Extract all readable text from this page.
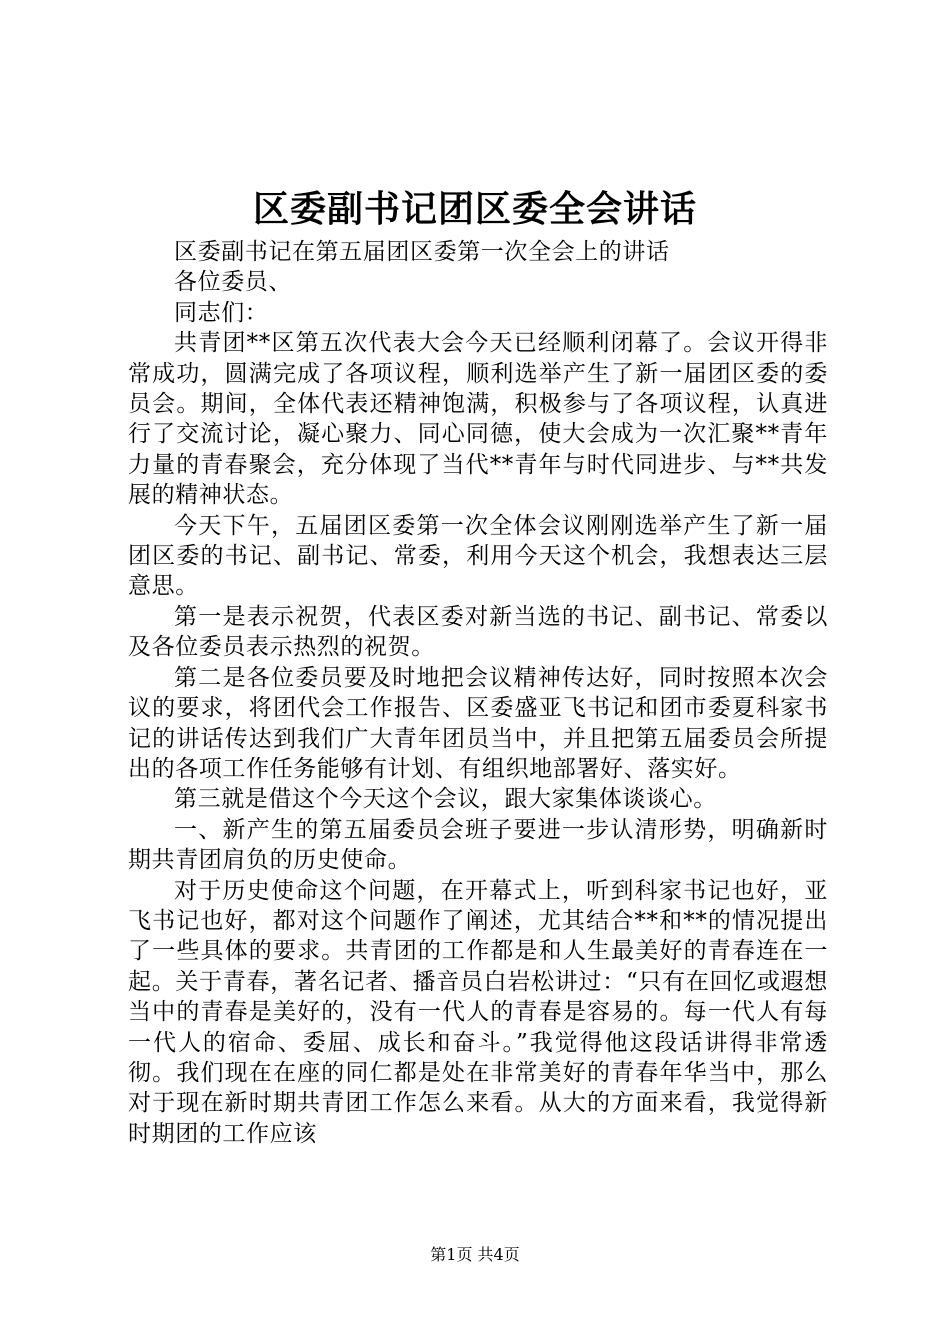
区委副书记团区委全会讲话

区委副书记在第五届团区委第一次全会上的讲话

各位委员、

同志们：

共青团**区第五次代表大会今天已经顺利闭幕了。会议开得非常成功，圆满完成了各项议程，顺利选举产生了新一届团区委的委员会。期间，全体代表还精神饱满，积极参与了各项议程，认真进行了交流讨论，凝心聚力、同心同德，使大会成为一次汇聚**青年力量的青春聚会，充分体现了当代**青年与时代同进步、与**共发展的精神状态。

今天下午，五届团区委第一次全体会议刚刚选举产生了新一届团区委的书记、副书记、常委，利用今天这个机会，我想表达三层意思。

第一是表示祝贺，代表区委对新当选的书记、副书记、常委以及各位委员表示热烈的祝贺。

第二是各位委员要及时地把会议精神传达好，同时按照本次会议的要求，将团代会工作报告、区委盛亚飞书记和团市委夏科家书记的讲话传达到我们广大青年团员当中，并且把第五届委员会所提出的各项工作任务能够有计划、有组织地部署好、落实好。

第三就是借这个今天这个会议，跟大家集体谈谈心。

一、新产生的第五届委员会班子要进一步认清形势，明确新时期共青团肩负的历史使命。

对于历史使命这个问题，在开幕式上，听到科家书记也好，亚飞书记也好，都对这个问题作了阐述，尤其结合**和**的情况提出了一些具体的要求。共青团的工作都是和人生最美好的青春连在一起。关于青春，著名记者、播音员白岩松讲过：“只有在回忆或遐想当中的青春是美好的，没有一代人的青春是容易的。每一代人有每一代人的宿命、委屈、成长和奋斗。”我觉得他这段话讲得非常透彻。我们现在在座的同仁都是处在非常美好的青春年华当中，那么对于现在新时期共青团工作怎么来看。从大的方面来看，我觉得新时期团的工作应该

第1页 共4页
